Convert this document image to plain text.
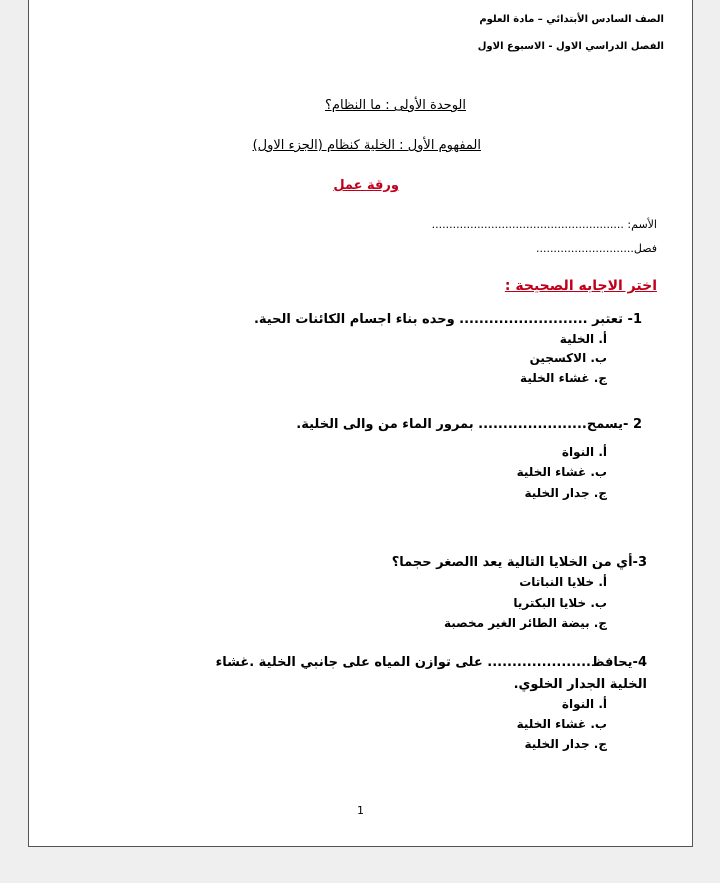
الصف السادس الأبتدائي – مادة العلوم
الفصل الدراسي الاول - الاسبوع الاول
الوحدة الأولى : ما النظام؟
المفهوم الأول : الخلية كنظام (الجزء الاول)
ورقة عمل
الأسم: .......................................................
فصل............................
اختر الاجابه الصحيحة :
1- تعتبر .......................... وحده بناء اجسام الكائنات الحية.
أ. الخلية
ب. الاكسجين
ج. غشاء الخلية
2 -يسمح...................... بمرور الماء من والى الخلية.
أ. النواة
ب. غشاء الخلية
ج. جدار الخلية
3-أي من الخلايا التالية يعد االصغر حجما؟
أ. خلايا النباتات
ب. خلايا البكتريا
ج. بيضة الطائر الغير مخصبة
4-يحافظ..................... على توازن المياه على جانبي الخلية .غشاء
الخلية الجدار الخلوي.
أ. النواة
ب. غشاء الخلية
ج. جدار الخلية
1
